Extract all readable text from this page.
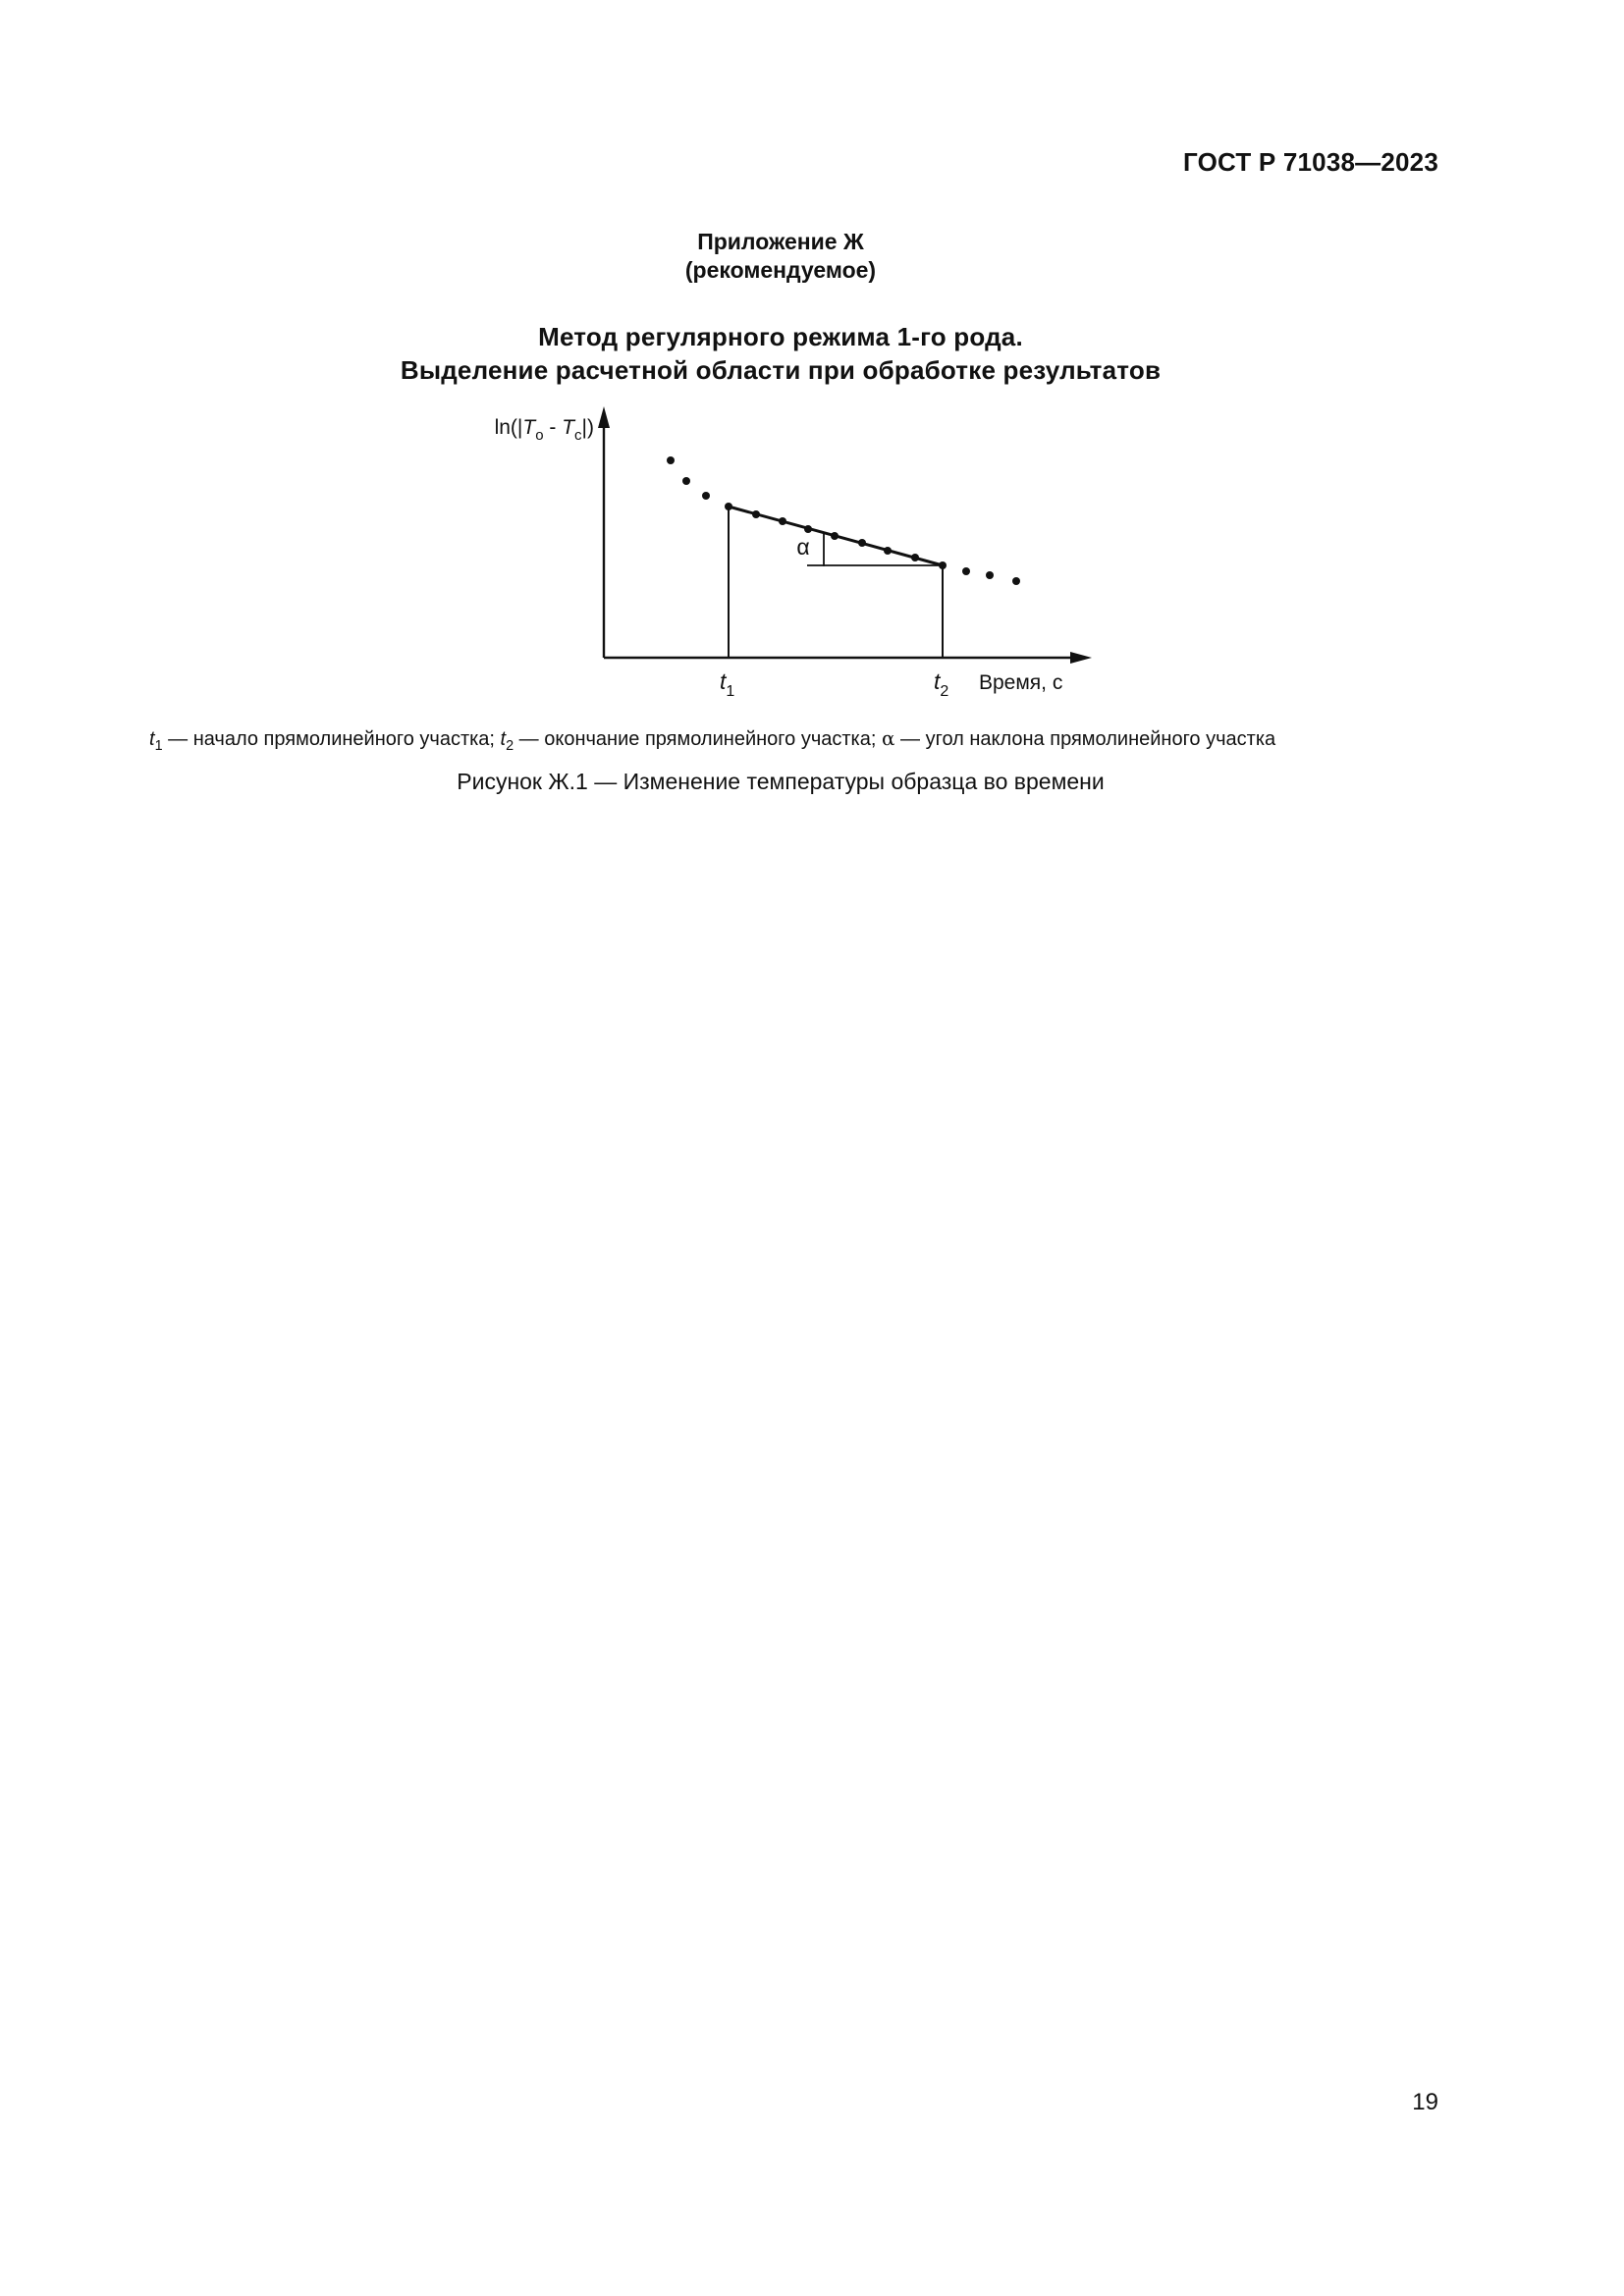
ГОСТ Р 71038—2023
Приложение Ж
(рекомендуемое)
Метод регулярного режима 1-го рода.
Выделение расчетной области при обработке результатов
$\ln(|T_o - T_c|)$
α
$t_1$	$t_2$ Время, с
$t_1$ — начало прямолинейного участка; $t_2$ — окончание прямолинейного участка; α — угол наклона прямолинейного участка
Рисунок Ж.1 — Изменение температуры образца во времени
19
